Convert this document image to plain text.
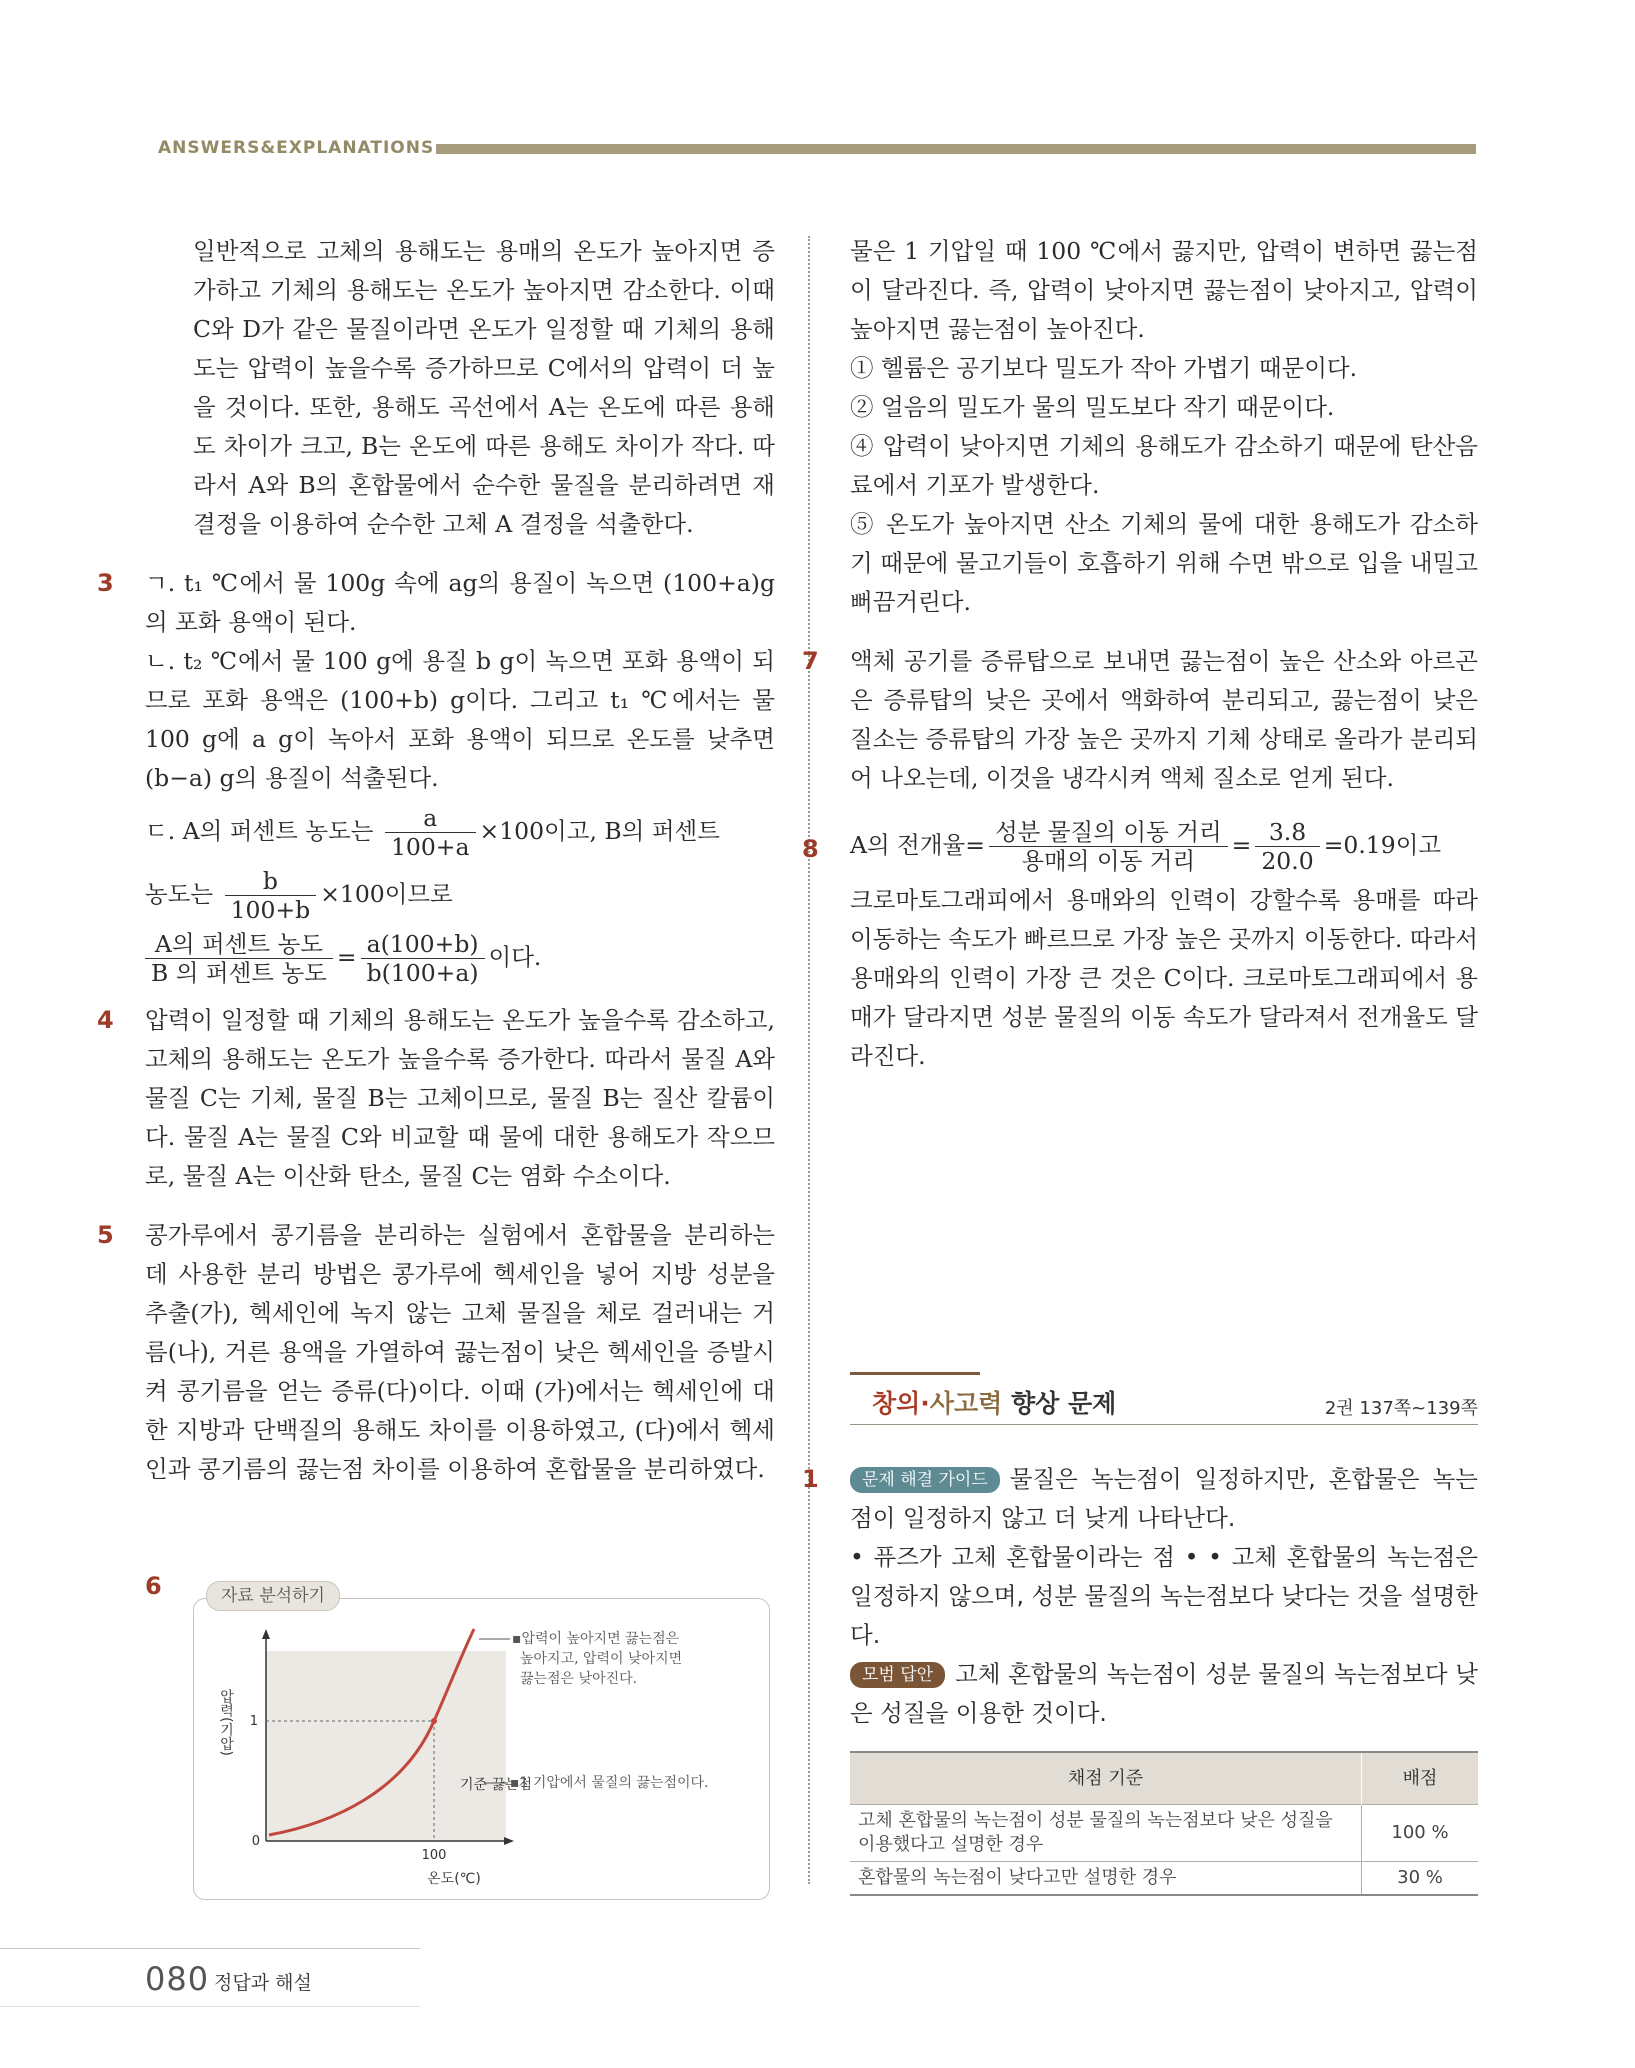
ANSWERS&EXPLANATIONS

일반적으로 고체의 용해도는 용매의 온도가 높아지면 증가하고 기체의 용해도는 온도가 높아지면 감소한다. 이때 C와 D가 같은 물질이라면 온도가 일정할 때 기체의 용해도는 압력이 높을수록 증가하므로 C에서의 압력이 더 높을 것이다. 또한, 용해도 곡선에서 A는 온도에 따른 용해도 차이가 크고, B는 온도에 따른 용해도 차이가 작다. 따라서 A와 B의 혼합물에서 순수한 물질을 분리하려면 재결정을 이용하여 순수한 고체 A 결정을 석출한다.

3 ㄱ. t₁ ℃에서 물 100g 속에 ag의 용질이 녹으면 (100+a)g의 포화 용액이 된다.

ㄴ. t₂ ℃에서 물 100 g에 용질 b g이 녹으면 포화 용액이 되므로 포화 용액은 (100+b) g이다. 그리고 t₁ ℃에서는 물 100 g에 a g이 녹아서 포화 용액이 되므로 온도를 낮추면 (b−a) g의 용질이 석출된다.

ㄷ. A의 퍼센트 농도는 $\frac{a}{100+a} \times 100$이고, B의 퍼센트
농도는 $\frac{b}{100+b} \times 100$이므로
$\frac{\text{A의 퍼센트 농도}}{\text{B 의 퍼센트 농도}} = \frac{a(100+b)}{b(100+a)}$ 이다.
4 압력이 일정할 때 기체의 용해도는 온도가 높을수록 감소하고, 고체의 용해도는 온도가 높을수록 증가한다. 따라서 물질 A와 물질 C는 기체, 물질 B는 고체이므로, 물질 B는 질산 칼륨이다. 물질 A는 물질 C와 비교할 때 물에 대한 용해도가 작으므로, 물질 A는 이산화 탄소, 물질 C는 염화 수소이다.

5 콩가루에서 콩기름을 분리하는 실험에서 혼합물을 분리하는 데 사용한 분리 방법은 콩가루에 헥세인을 넣어 지방 성분을 추출(가), 헥세인에 녹지 않는 고체 물질을 체로 걸러내는 거름(나), 거른 용액을 가열하여 끓는점이 낮은 헥세인을 증발시켜 콩기름을 얻는 증류(다)이다. 이때 (가)에서는 헥세인에 대한 지방과 단백질의 용해도 차이를 이용하였고, (다)에서 헥세인과 콩기름의 끓는점 차이를 이용하여 혼합물을 분리하였다.

6	자료 분석하기
0
1
100
온도(℃)
압력(기압)
기준 끓는점
▪압력이 높아지면 끓는점은
높아지고, 압력이 낮아지면
끓는점은 낮아진다.
▪1 기압에서 물질의 끓는점이다.

물은 1 기압일 때 100 ℃에서 끓지만, 압력이 변하면 끓는점이 달라진다. 즉, 압력이 낮아지면 끓는점이 낮아지고, 압력이 높아지면 끓는점이 높아진다.

① 헬륨은 공기보다 밀도가 작아 가볍기 때문이다.

② 얼음의 밀도가 물의 밀도보다 작기 때문이다.

④ 압력이 낮아지면 기체의 용해도가 감소하기 때문에 탄산음료에서 기포가 발생한다.

⑤ 온도가 높아지면 산소 기체의 물에 대한 용해도가 감소하기 때문에 물고기들이 호흡하기 위해 수면 밖으로 입을 내밀고 뻐끔거린다.

7 액체 공기를 증류탑으로 보내면 끓는점이 높은 산소와 아르곤은 증류탑의 낮은 곳에서 액화하여 분리되고, 끓는점이 낮은 질소는 증류탑의 가장 높은 곳까지 기체 상태로 올라가 분리되어 나오는데, 이것을 냉각시켜 액체 질소로 얻게 된다.

8 A의 전개율= $\frac{\text{성분 물질의 이동 거리}}{\text{용매의 이동 거리}} = \frac{3.8}{20.0} =0.19$이고

크로마토그래피에서 용매와의 인력이 강할수록 용매를 따라 이동하는 속도가 빠르므로 가장 높은 곳까지 이동한다. 따라서 용매와의 인력이 가장 큰 것은 C이다. 크로마토그래피에서 용매가 달라지면 성분 물질의 이동 속도가 달라져서 전개율도 달라진다.

창의·사고력 향상 문제	2권 137쪽~139쪽
1	문제 해결 가이드 물질은 녹는점이 일정하지만, 혼합물은 녹는점이 일정하지 않고 더 낮게 나타난다.

• 퓨즈가 고체 혼합물이라는 점 • • 고체 혼합물의 녹는점은 일정하지 않으며, 성분 물질의 녹는점보다 낮다는 것을 설명한다.

모범 답안 고체 혼합물의 녹는점이 성분 물질의 녹는점보다 낮은 성질을 이용한 것이다.

채점 기준	배점
고체 혼합물의 녹는점이 성분 물질의 녹는점보다 낮은 성질을 이용했다고 설명한 경우	100 %
혼합물의 녹는점이 낮다고만 설명한 경우	30 %
080 정답과 해설
